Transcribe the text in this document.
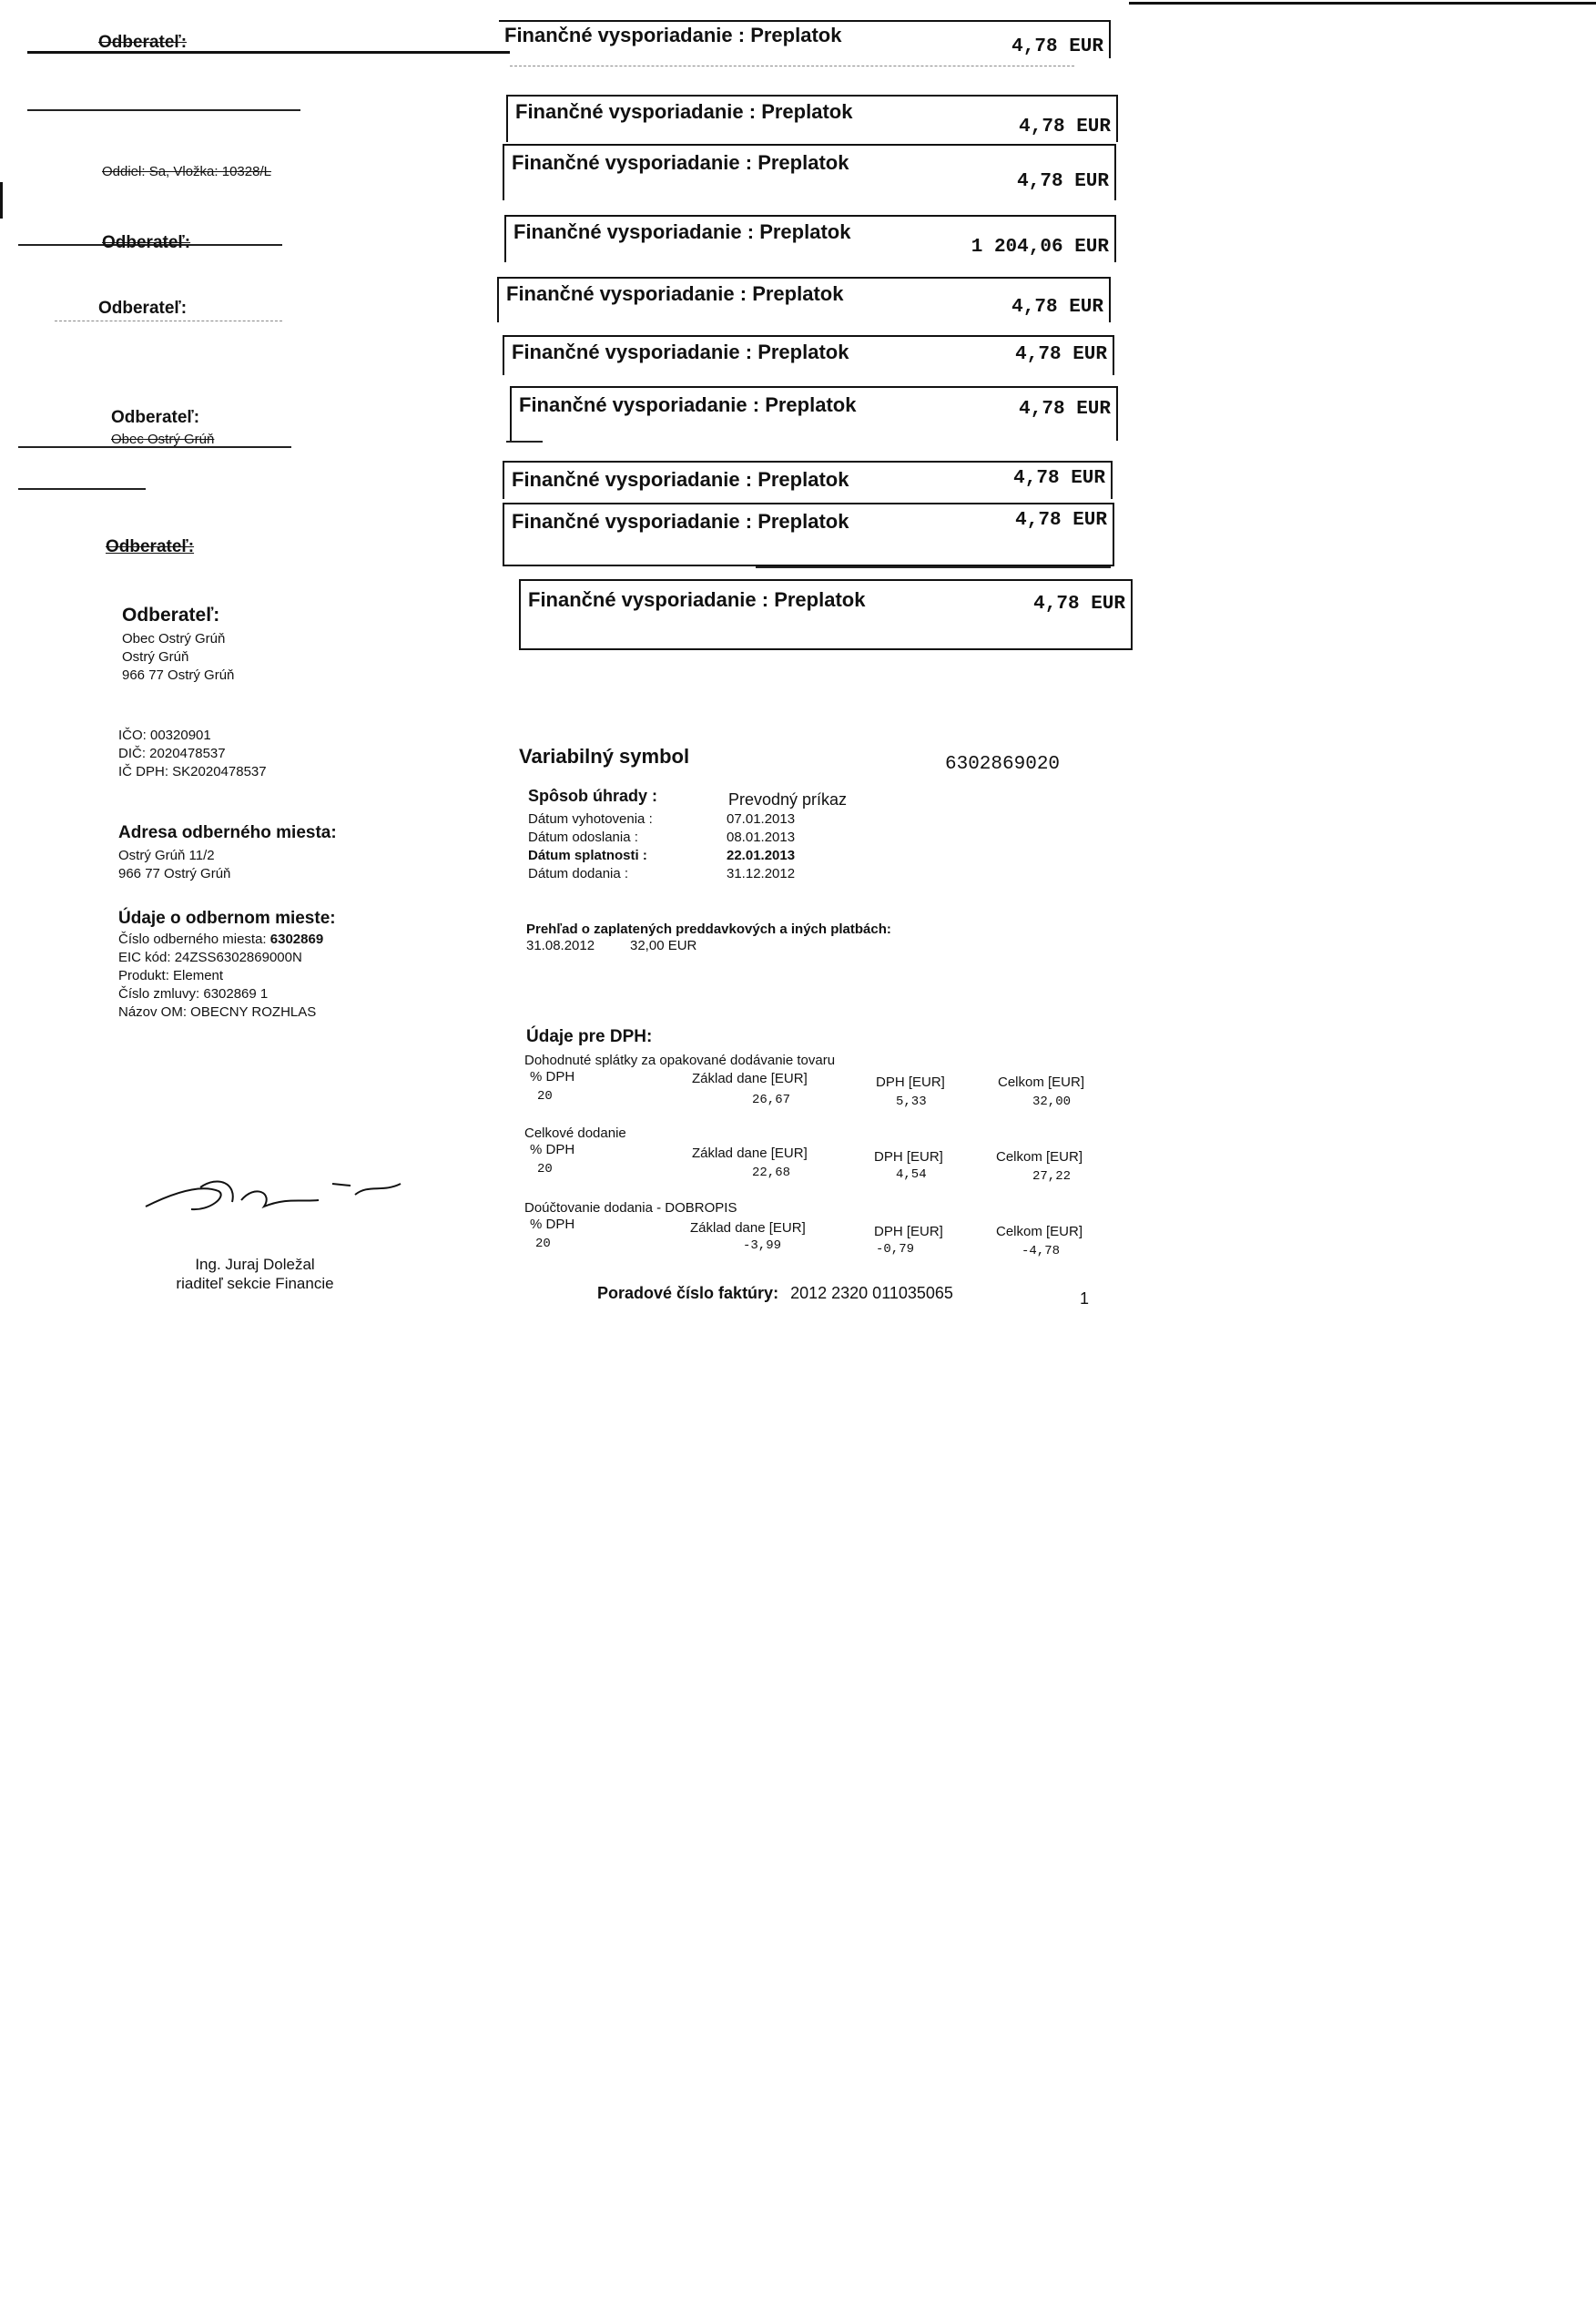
Finančné vysporiadanie : Preplatok
4,78 EUR
Finančné vysporiadanie : Preplatok
4,78 EUR
Finančné vysporiadanie : Preplatok
4,78 EUR
Finančné vysporiadanie : Preplatok
1 204,06 EUR
Finančné vysporiadanie : Preplatok
4,78 EUR
Finančné vysporiadanie : Preplatok	4,78 EUR
Finančné vysporiadanie : Preplatok	4,78 EUR
Finančné vysporiadanie : Preplatok	4,78 EUR
Finančné vysporiadanie : Preplatok	4,78 EUR
Finančné vysporiadanie : Preplatok	4,78 EUR
Odberateľ:
Oddiel: Sa, Vložka: 10328/L
Odberateľ:
Odberateľ:
Odberateľ:
Obec Ostrý Grúň
Odberateľ:
Odberateľ:
Obec Ostrý Grúň
Ostrý Grúň
966 77 Ostrý Grúň
IČO: 00320901
DIČ: 2020478537
IČ DPH: SK2020478537
Adresa odberného miesta:
Ostrý Grúň 11/2
966 77 Ostrý Grúň
Údaje o odbernom mieste:
Číslo odberného miesta: 6302869
EIC kód: 24ZSS6302869000N
Produkt: Element
Číslo zmluvy: 6302869 1
Názov OM: OBECNY ROZHLAS
Ing. Juraj Doležal
riaditeľ sekcie Financie
Variabilný symbol	6302869020
Spôsob úhrady :	Prevodný príkaz
Dátum vyhotovenia :	07.01.2013
Dátum odoslania :	08.01.2013
Dátum splatnosti :	22.01.2013
Dátum dodania :	31.12.2012
Prehľad o zaplatených preddavkových a iných platbách:
31.08.2012	32,00 EUR
Údaje pre DPH:
Dohodnuté splátky za opakované dodávanie tovaru
% DPH	Základ dane [EUR]	DPH [EUR]	Celkom [EUR]
20	26,67	5,33	32,00
Celkové dodanie
% DPH	Základ dane [EUR]	DPH [EUR]	Celkom [EUR]
20	22,68	4,54	27,22
Doúčtovanie dodania - DOBROPIS
% DPH	Základ dane [EUR]	DPH [EUR]	Celkom [EUR]
20	-3,99	-0,79	-4,78
Poradové číslo faktúry: 2012 2320 011035065	1
